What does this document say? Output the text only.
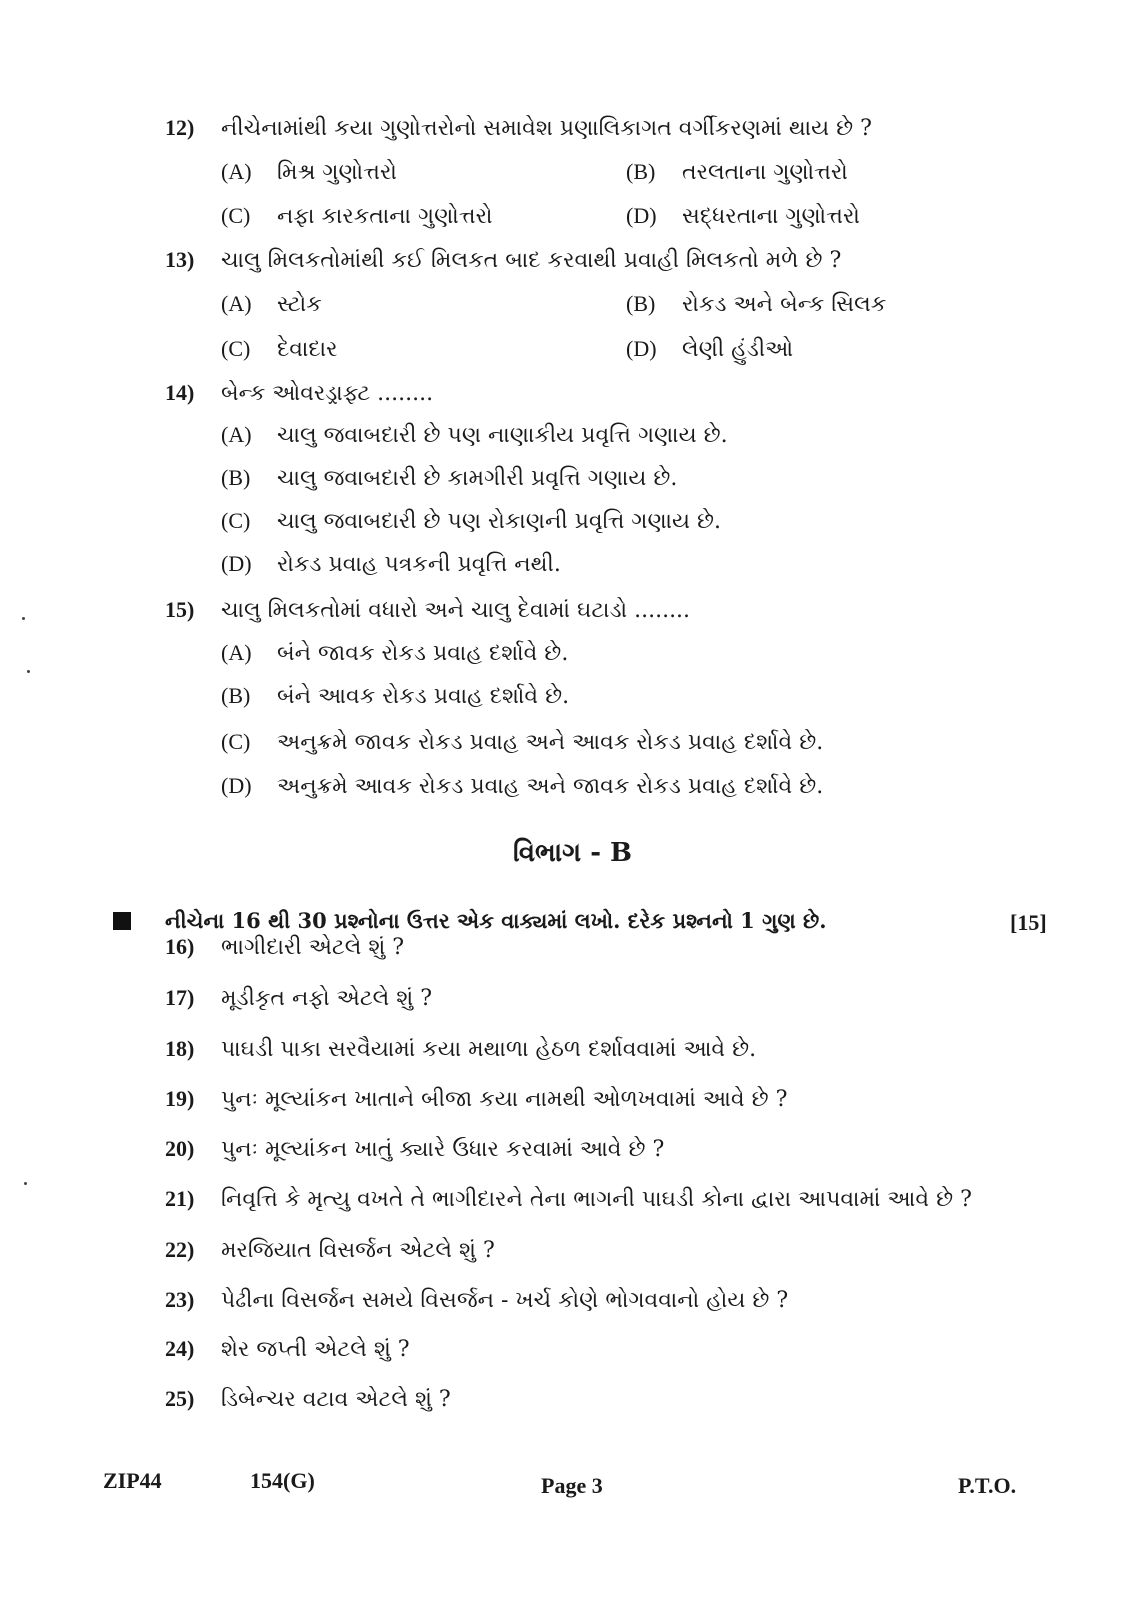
12) નીચેનામાંથી કયા ગુણોત્તરોનો સમાવેશ પ્રણાલિકાગત વર્ગીકરણમાં થાય છે ?
(A) મિશ્ર ગુણોત્તરો	(B) તરલતાના ગુણોત્તરો
(C) નફા કારકતાના ગુણોત્તરો	(D) સદ્ધરતાના ગુણોત્તરો
13) ચાલુ મિલકતોમાંથી કઈ મિલકત બાદ કરવાથી પ્રવાહી મિલકતો મળે છે ?
(A) સ્ટોક	(B) રોકડ અને બેન્ક સિલક
(C) દેવાદાર	(D) લેણી હુંડીઓ
14) બેન્ક ઓવરડ્રાફ્ટ ........
(A) ચાલુ જવાબદારી છે પણ નાણાકીય પ્રવૃત્તિ ગણાય છે.
(B) ચાલુ જવાબદારી છે કામગીરી પ્રવૃત્તિ ગણાય છે.
(C) ચાલુ જવાબદારી છે પણ રોકાણની પ્રવૃત્તિ ગણાય છે.
(D) રોકડ પ્રવાહ પત્રકની પ્રવૃત્તિ નથી.
15) ચાલુ મિલકતોમાં વધારો અને ચાલુ દેવામાં ઘટાડો ........
(A) બંને જાવક રોકડ પ્રવાહ દર્શાવે છે.
(B) બંને આવક રોકડ પ્રવાહ દર્શાવે છે.
(C) અનુક્રમે જાવક રોકડ પ્રવાહ અને આવક રોકડ પ્રવાહ દર્શાવે છે.
(D) અનુક્રમે આવક રોકડ પ્રવાહ અને જાવક રોકડ પ્રવાહ દર્શાવે છે.
વિભાગ - B
નીચેના 16 થી 30 પ્રશ્નોના ઉત્તર એક વાક્યમાં લખો. દરેક પ્રશ્નનો 1 ગુણ છે.	[15]
16) ભાગીદારી એટલે શું ?
17) મૂડીકૃત નફો એટલે શું ?
18) પાઘડી પાકા સરવૈયામાં કયા મથાળા હેઠળ દર્શાવવામાં આવે છે.
19) પુનઃ મૂલ્યાંકન ખાતાને બીજા કયા નામથી ઓળખવામાં આવે છે ?
20) પુનઃ મૂલ્યાંકન ખાતું ક્યારે ઉધાર કરવામાં આવે છે ?
21) નિવૃત્તિ કે મૃત્યુ વખતે તે ભાગીદારને તેના ભાગની પાઘડી કોના દ્વારા આપવામાં આવે છે ?
22) મરજિયાત વિસર્જન એટલે શું ?
23) પેઢીના વિસર્જન સમયે વિસર્જન - ખર્ચ કોણે ભોગવવાનો હોય છે ?
24) શેર જપ્તી એટલે શું ?
25) ડિબેન્ચર વટાવ એટલે શું ?
ZIP44	154(G)	Page 3	P.T.O.
